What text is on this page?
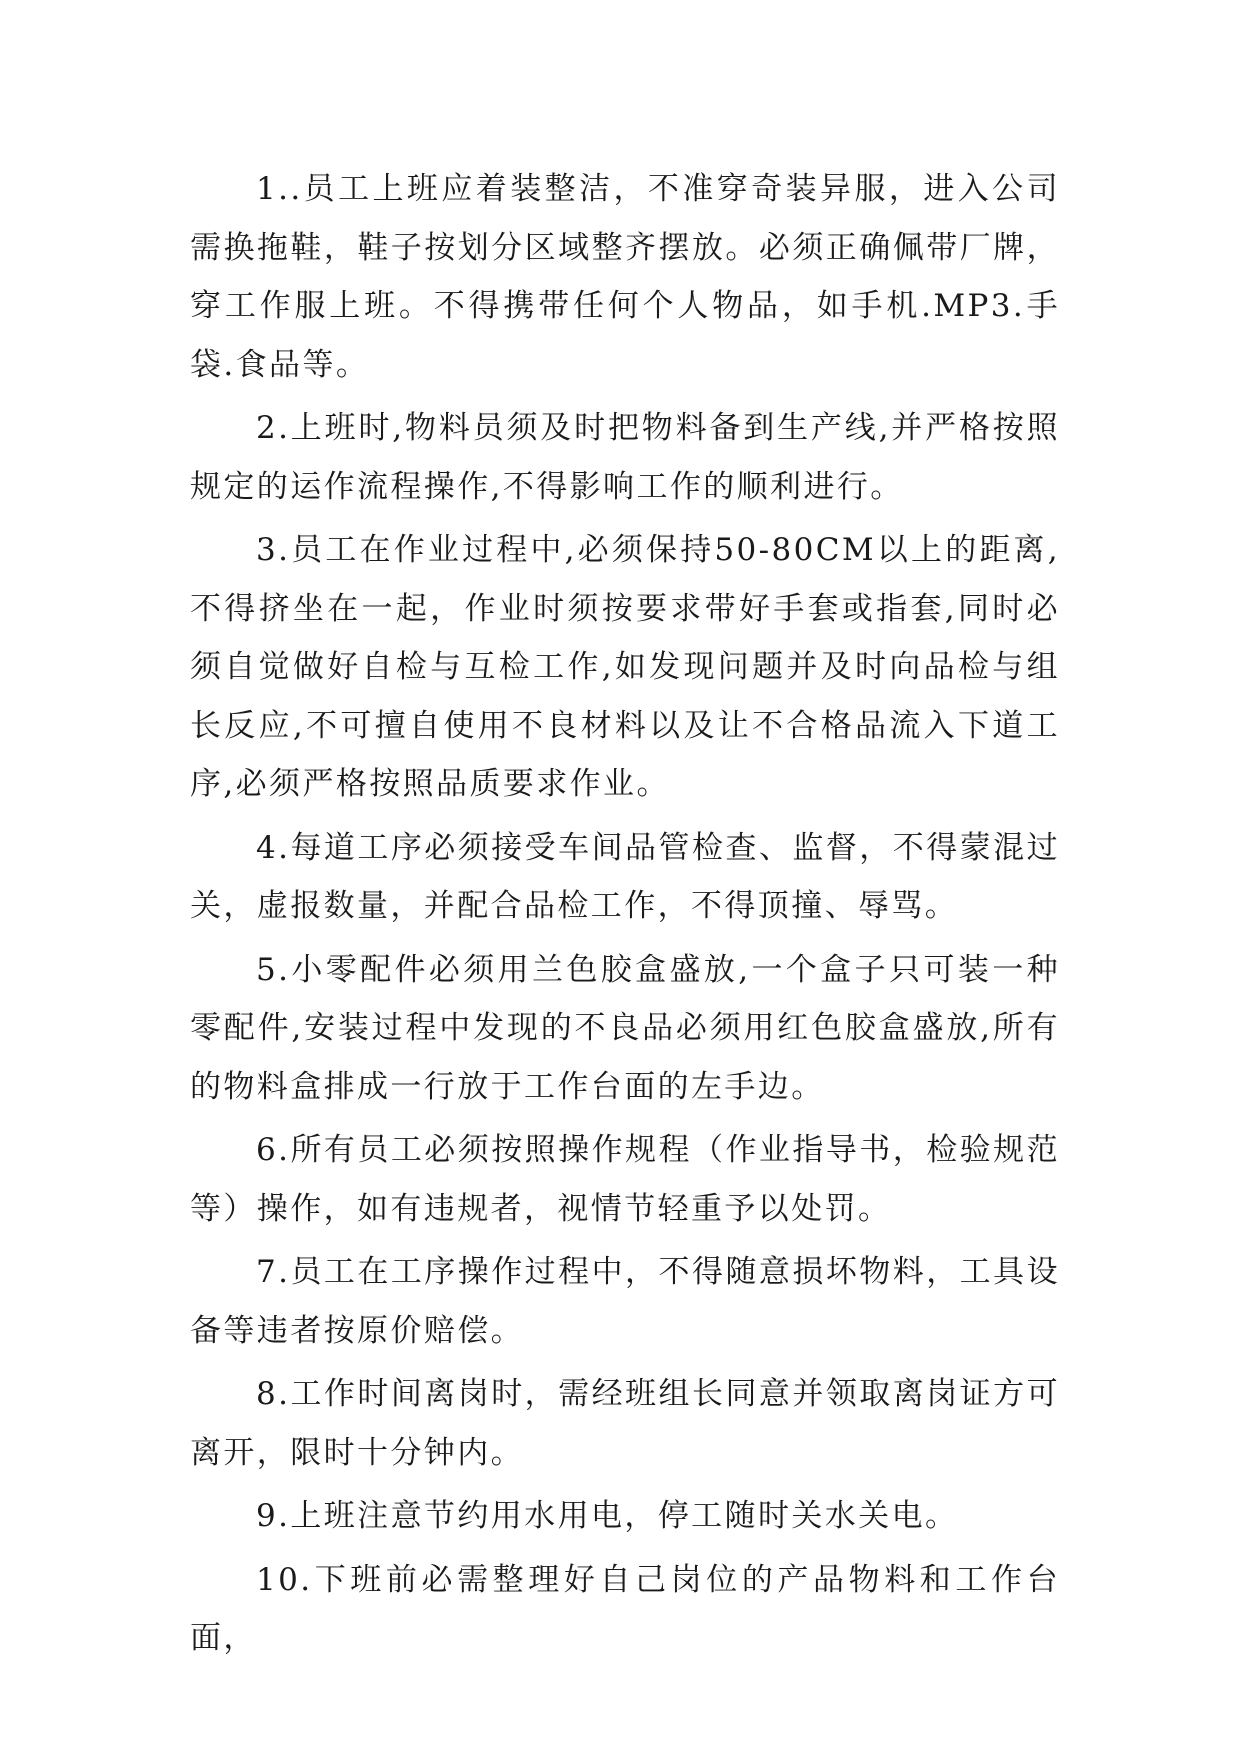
1..员工上班应着装整洁，不准穿奇装异服，进入公司需换拖鞋，鞋子按划分区域整齐摆放。必须正确佩带厂牌，穿工作服上班。不得携带任何个人物品，如手机.MP3.手袋.食品等。

2.上班时,物料员须及时把物料备到生产线,并严格按照规定的运作流程操作,不得影响工作的顺利进行。

3.员工在作业过程中,必须保持50-80CM以上的距离,不得挤坐在一起，作业时须按要求带好手套或指套,同时必须自觉做好自检与互检工作,如发现问题并及时向品检与组长反应,不可擅自使用不良材料以及让不合格品流入下道工序,必须严格按照品质要求作业。

4.每道工序必须接受车间品管检查、监督，不得蒙混过关，虚报数量，并配合品检工作，不得顶撞、辱骂。

5.小零配件必须用兰色胶盒盛放,一个盒子只可装一种零配件,安装过程中发现的不良品必须用红色胶盒盛放,所有的物料盒排成一行放于工作台面的左手边。

6.所有员工必须按照操作规程（作业指导书，检验规范等）操作，如有违规者，视情节轻重予以处罚。

7.员工在工序操作过程中，不得随意损坏物料，工具设备等违者按原价赔偿。

8.工作时间离岗时，需经班组长同意并领取离岗证方可离开，限时十分钟内。

9.上班注意节约用水用电，停工随时关水关电。

10.下班前必需整理好自己岗位的产品物料和工作台面，
